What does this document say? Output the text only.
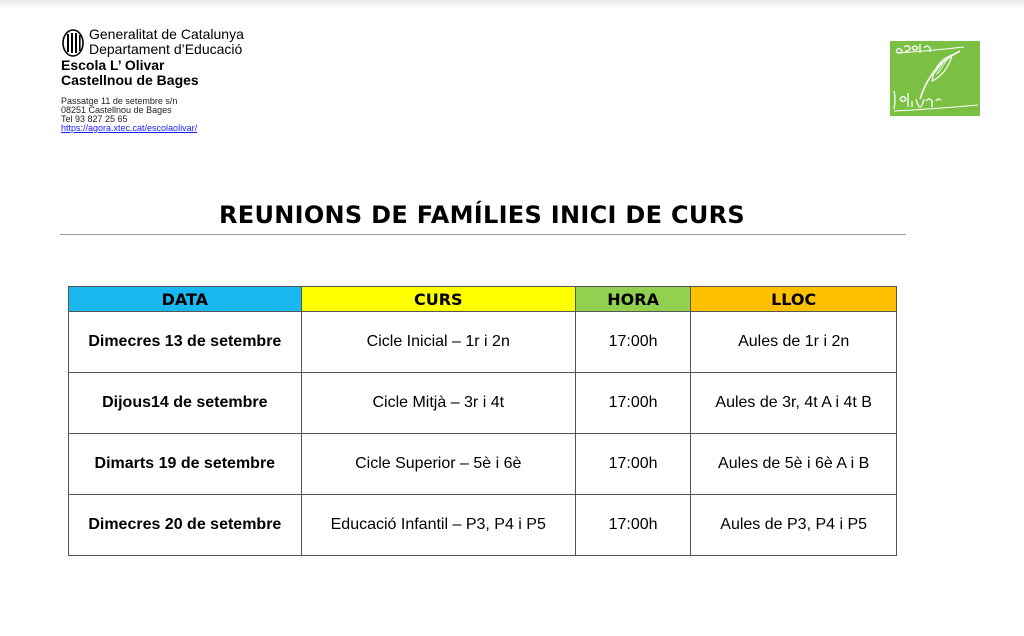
Generalitat de Catalunya
Departament d’Educació
Escola L’ Olivar
Castellnou de Bages
Passatge 11 de setembre s/n
08251 Castellnou de Bages
Tel 93 827 25 65
https://agora.xtec.cat/escolaolivar/
REUNIONS DE FAMÍLIES INICI DE CURS
DATA	CURS	HORA	LLOC
Dimecres 13 de setembre	Cicle Inicial – 1r i 2n	17:00h	Aules de 1r i 2n
Dijous14 de setembre	Cicle Mitjà – 3r i 4t	17:00h	Aules de 3r, 4t A i 4t B
Dimarts 19 de setembre	Cicle Superior – 5è i 6è	17:00h	Aules de 5è i 6è A i B
Dimecres 20 de setembre	Educació Infantil – P3, P4 i P5	17:00h	Aules de P3, P4 i P5
